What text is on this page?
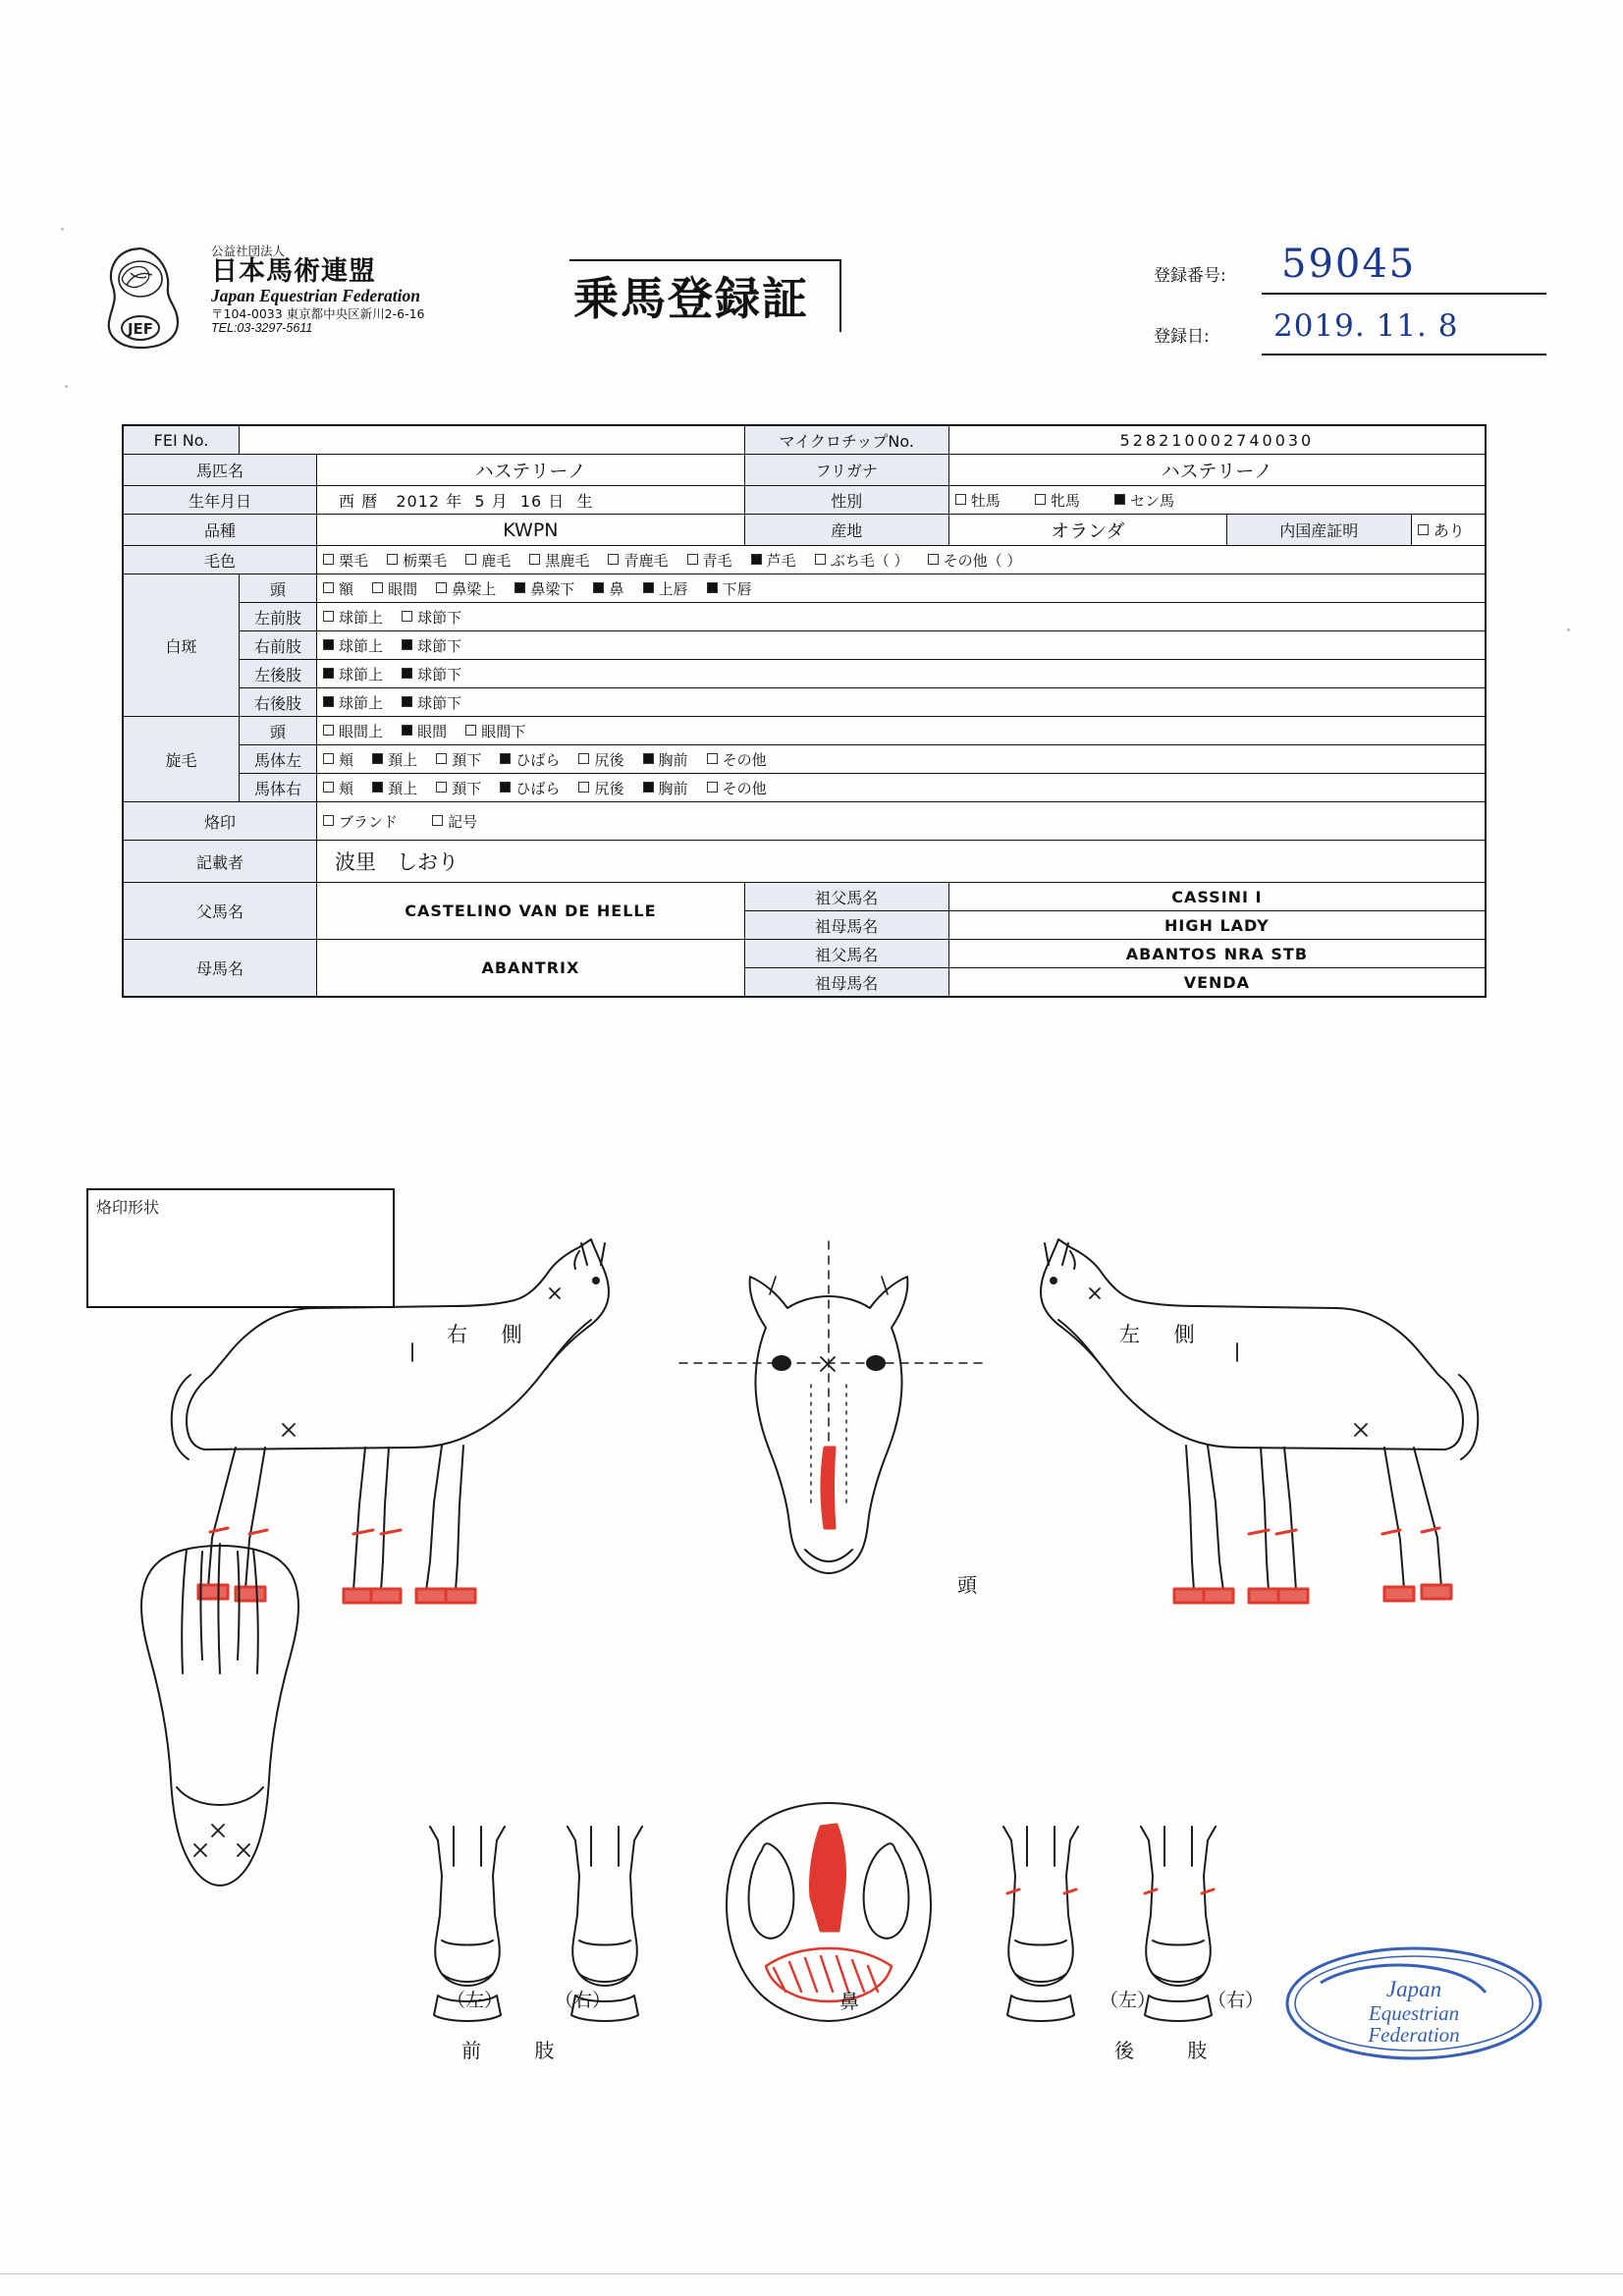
JEF
公益社団法人
日本馬術連盟
Japan Equestrian Federation
〒104-0033 東京都中央区新川2-6-16
TEL:03-3297-5611
乗馬登録証	登録番号: 59045
登録日: 2019. 11. 8
FEI No.			マイクロチップNo.	528210002740030		
馬匹名		ハステリーノ	フリガナ	ハステリーノ		
生年月日		西 暦 2012 年 5 月 16 日 生	性別	牡馬 牝馬 セン馬		
品種		KWPN	産地	オランダ	内国産証明	あり
毛色		栗毛 栃栗毛 鹿毛 黒鹿毛 青鹿毛 青毛 芦毛 ぶち毛（ ） その他（ ）				
白斑	頭	額 眼間 鼻梁上 鼻梁下 鼻 上唇 下唇				
	左前肢	球節上 球節下				
	右前肢	球節上 球節下				
	左後肢	球節上 球節下				
	右後肢	球節上 球節下				
旋毛	頭	眼間上 眼間 眼間下				
	馬体左	頬 頚上 頚下 ひばら 尻後 胸前 その他				
	馬体右	頬 頚上 頚下 ひばら 尻後 胸前 その他				
烙印		ブランド 記号				
記載者		波里　しおり				
父馬名		CASTELINO VAN DE HELLE	祖父馬名	CASSINI I		
			祖母馬名	HIGH LADY		
母馬名		ABANTRIX	祖父馬名	ABANTOS NRA STB		
			祖母馬名	VENDA		
烙印形状
右 側	左 側
頭
（左）	（右）
前 肢
鼻	（左）	（右）
後 肢
Japan
Equestrian
Federation
